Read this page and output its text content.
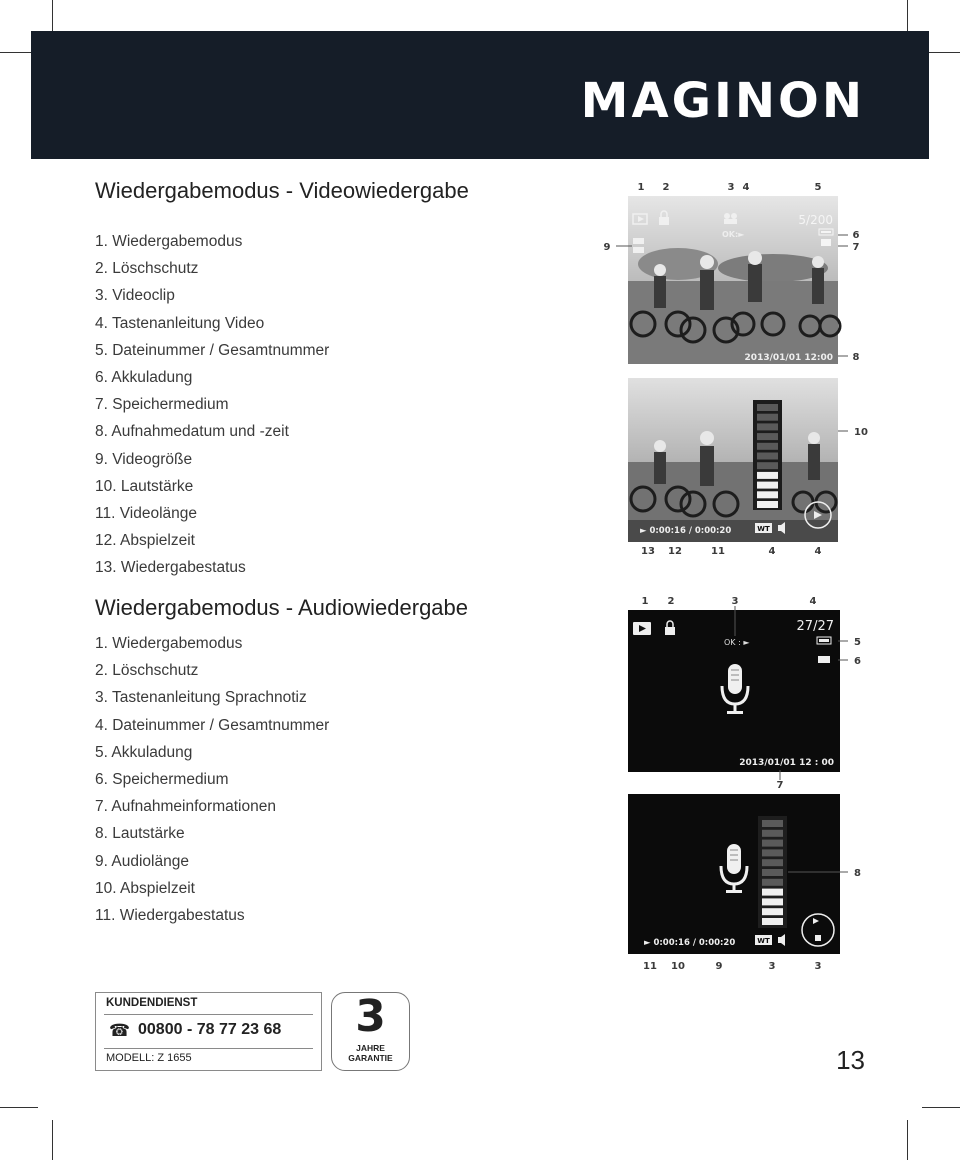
MAGINON
Wiedergabemodus - Videowiedergabe
1. Wiedergabemodus
2. Löschschutz
3. Videoclip
4. Tastenanleitung Video
5. Dateinummer / Gesamtnummer
6. Akkuladung
7. Speichermedium
8. Aufnahmedatum und -zeit
9. Videogröße
10. Lautstärke
11. Videolänge
12. Abspielzeit
13. Wiedergabestatus
Wiedergabemodus - Audiowiedergabe
1. Wiedergabemodus
2. Löschschutz
3. Tastenanleitung Sprachnotiz
4. Dateinummer / Gesamtnummer
5. Akkuladung
6. Speichermedium
7. Aufnahmeinformationen
8. Lautstärke
9. Audiolänge
10. Abspielzeit
11. Wiedergabestatus
1 2	3 4	5
OK:►
5/200
2013/01/01 12:00
6
7
8
9
► 0:00:16 / 0:00:20	WT
10
13 12	11	4	4
1 2	3	4
OK : ►
27/27
2013/01/01 12 : 00
5
6
7
► 0:00:16 / 0:00:20	WT
8
11 10	9	3	3
KUNDENDIENST
☎ 00800 - 78 77 23 68
MODELL: Z 1655
3
JAHRE
GARANTIE	13
